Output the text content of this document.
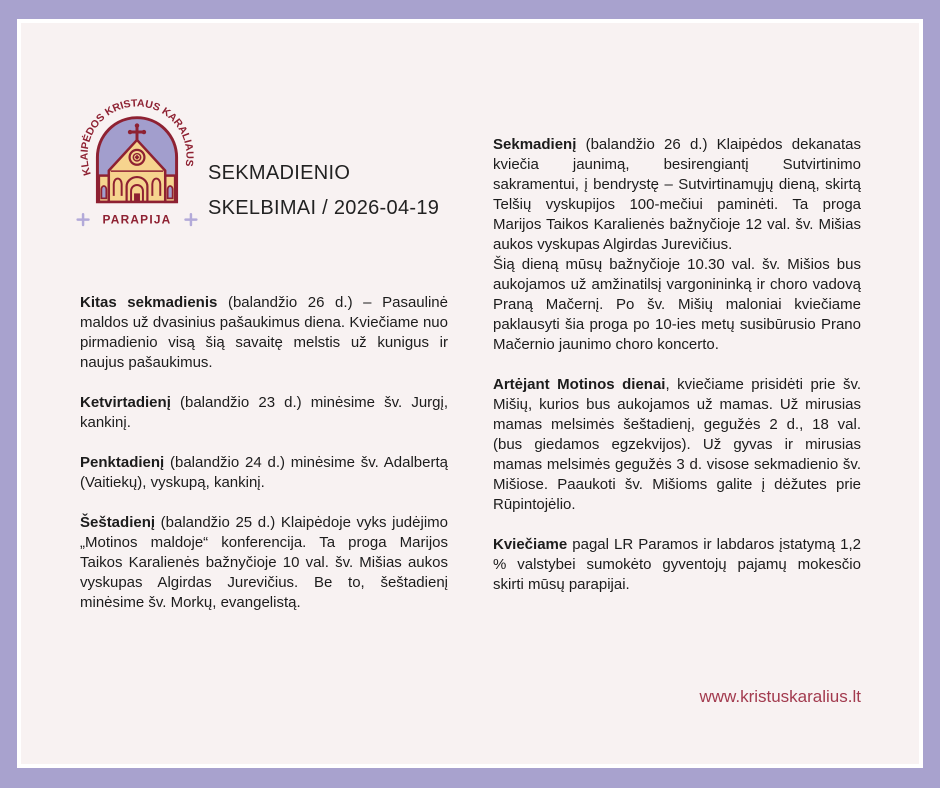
KLAIPĖDOS KRISTAUS KARALIAUS
PARAPIJA
SEKMADIENIO
SKELBIMAI / 2026-04-19

Kitas sekmadienis (balandžio 26 d.) – Pasaulinė maldos už dvasinius pašaukimus diena. Kviečiame nuo pirmadienio visą šią savaitę melstis už kunigus ir naujus pašaukimus.

Ketvirtadienį (balandžio 23 d.) minėsime šv. Jurgį, kankinį.

Penktadienį (balandžio 24 d.) minėsime šv. Adalbertą (Vaitiekų), vyskupą, kankinį.

Šeštadienį (balandžio 25 d.) Klaipėdoje vyks judėjimo „Motinos maldoje“ konferencija. Ta proga Marijos Taikos Karalienės bažnyčioje 10 val. šv. Mišias aukos vyskupas Algirdas Jurevičius. Be to, šeštadienį minėsime šv. Morkų, evangelistą.

Sekmadienį (balandžio 26 d.) Klaipėdos dekanatas kviečia jaunimą, besirengiantį Sutvirtinimo sakramentui, į bendrystę – Sutvirtinamųjų dieną, skirtą Telšių vyskupijos 100-mečiui paminėti. Ta proga Marijos Taikos Karalienės bažnyčioje 12 val. šv. Mišias aukos vyskupas Algirdas Jurevičius.

Šią dieną mūsų bažnyčioje 10.30 val. šv. Mišios bus aukojamos už amžinatilsį vargonininką ir choro vadovą Praną Mačernį. Po šv. Mišių maloniai kviečiame paklausyti šia proga po 10-ies metų susibūrusio Prano Mačernio jaunimo choro koncerto.

Artėjant Motinos dienai, kviečiame prisidėti prie šv. Mišių, kurios bus aukojamos už mamas. Už mirusias mamas melsimės šeštadienį, gegužės 2 d., 18 val. (bus giedamos egzekvijos). Už gyvas ir mirusias mamas melsimės gegužės 3 d. visose sekmadienio šv. Mišiose. Paaukoti šv. Mišioms galite į dėžutes prie Rūpintojėlio.

Kviečiame pagal LR Paramos ir labdaros įstatymą 1,2 % valstybei sumokėto gyventojų pajamų mokesčio skirti mūsų parapijai.

www.kristuskaralius.lt
